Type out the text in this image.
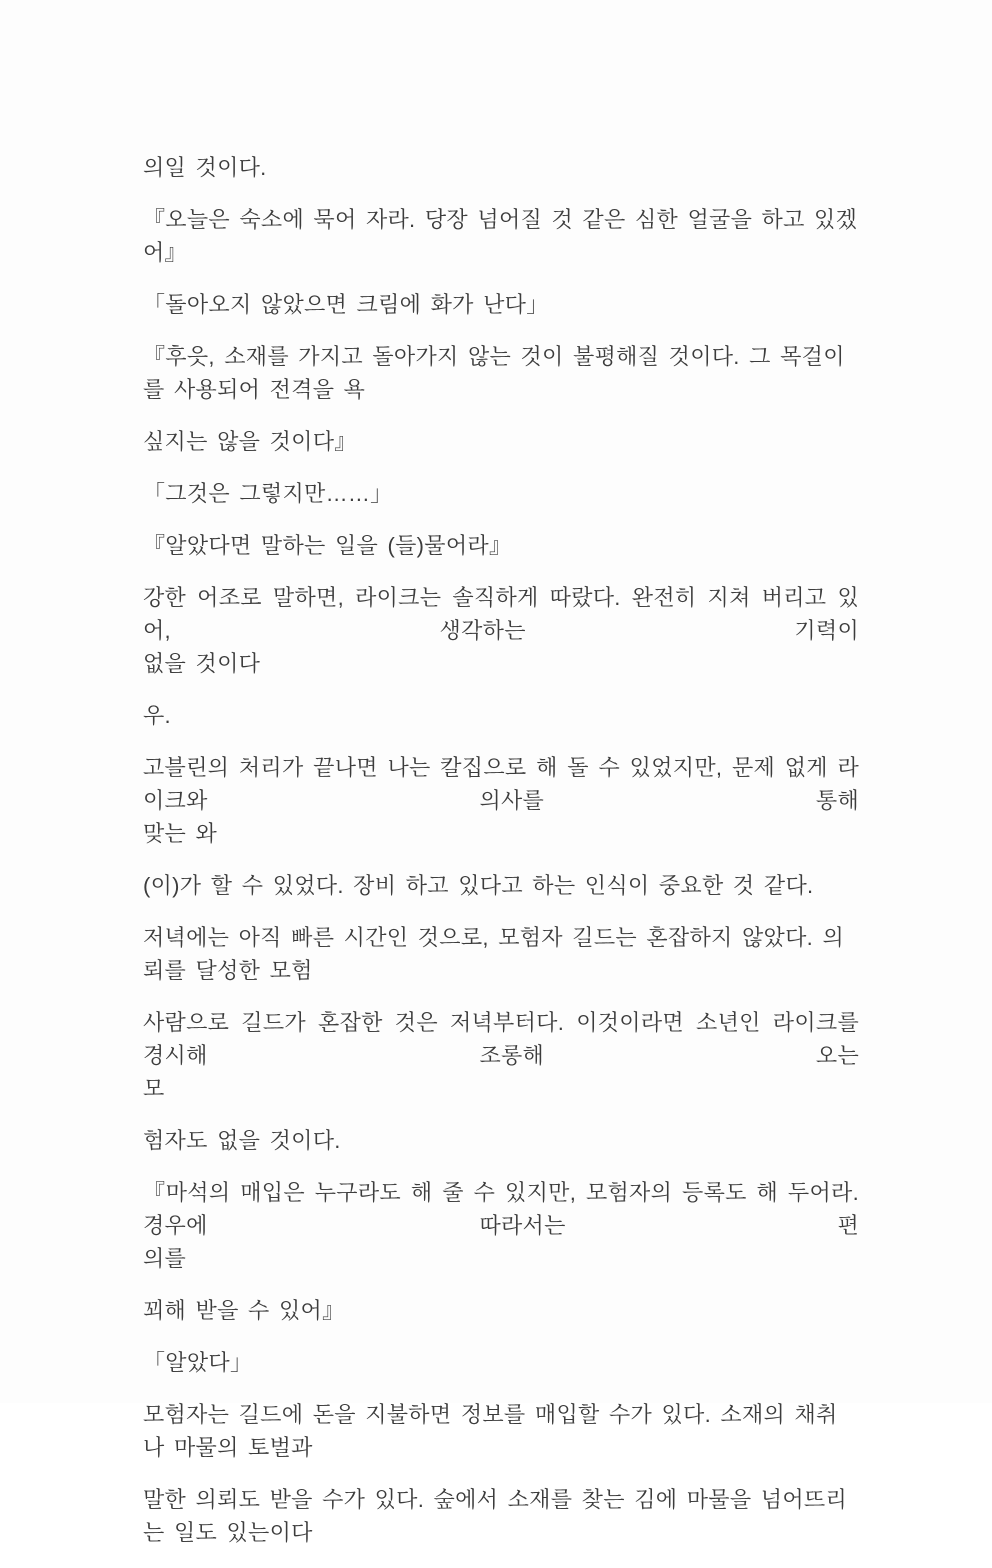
의일 것이다.

『오늘은 숙소에 묵어 자라. 당장 넘어질 것 같은 심한 얼굴을 하고 있겠어』

「돌아오지 않았으면 크림에 화가 난다」

『후읏, 소재를 가지고 돌아가지 않는 것이 불평해질 것이다. 그 목걸이를 사용되어 전격을 욕

싶지는 않을 것이다』

「그것은 그렇지만……」

『알았다면 말하는 일을 (들)물어라』

강한 어조로 말하면, 라이크는 솔직하게 따랐다. 완전히 지쳐 버리고 있어, 생각하는 기력이
없을 것이다

우.

고블린의 처리가 끝나면 나는 칼집으로 해 돌 수 있었지만, 문제 없게 라이크와 의사를 통해
맞는 와

(이)가 할 수 있었다. 장비 하고 있다고 하는 인식이 중요한 것 같다.

저녁에는 아직 빠른 시간인 것으로, 모험자 길드는 혼잡하지 않았다. 의뢰를 달성한 모험

사람으로 길드가 혼잡한 것은 저녁부터다. 이것이라면 소년인 라이크를 경시해 조롱해 오는
모

험자도 없을 것이다.

『마석의 매입은 누구라도 해 줄 수 있지만, 모험자의 등록도 해 두어라. 경우에 따라서는 편
의를

꾀해 받을 수 있어』

「알았다」

모험자는 길드에 돈을 지불하면 정보를 매입할 수가 있다. 소재의 채취나 마물의 토벌과

말한 의뢰도 받을 수가 있다. 숲에서 소재를 찾는 김에 마물을 넘어뜨리는 일도 있는이다
